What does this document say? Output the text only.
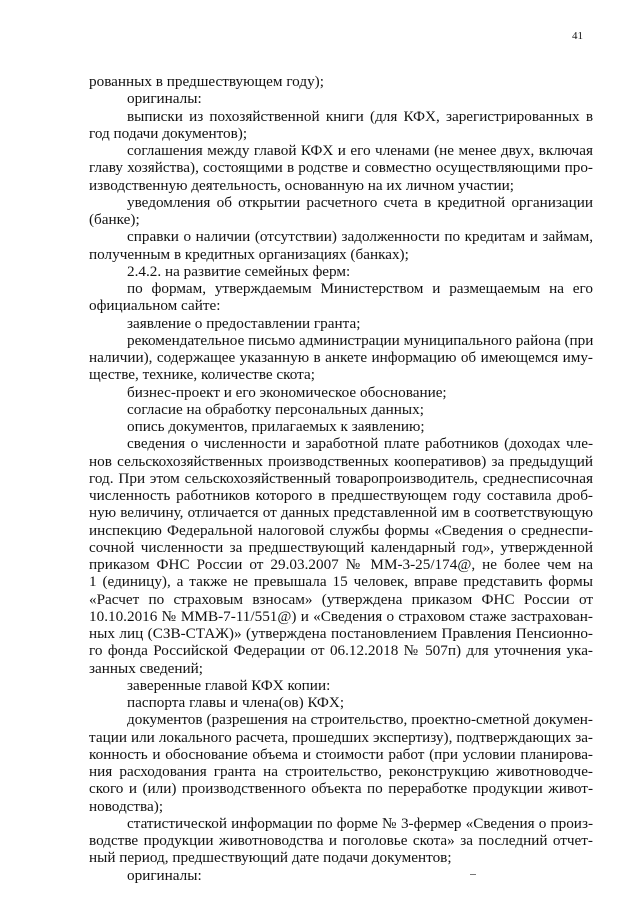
41
рованных в предшествующем году);
оригиналы:
выписки из похозяйственной книги (для КФХ, зарегистрированных в
год подачи документов);
соглашения между главой КФХ и его членами (не менее двух, включая
главу хозяйства), состоящими в родстве и совместно осуществляющими про-
изводственную деятельность, основанную на их личном участии;
уведомления об открытии расчетного счета в кредитной организации
(банке);
справки о наличии (отсутствии) задолженности по кредитам и займам,
полученным в кредитных организациях (банках);
2.4.2. на развитие семейных ферм:
по формам, утверждаемым Министерством и размещаемым на его
официальном сайте:
заявление о предоставлении гранта;
рекомендательное письмо администрации муниципального района (при
наличии), содержащее указанную в анкете информацию об имеющемся иму-
ществе, технике, количестве скота;
бизнес-проект и его экономическое обоснование;
согласие на обработку персональных данных;
опись документов, прилагаемых к заявлению;
сведения о численности и заработной плате работников (доходах чле-
нов сельскохозяйственных производственных кооперативов) за предыдущий
год. При этом сельскохозяйственный товаропроизводитель, среднесписочная
численность работников которого в предшествующем году составила дроб-
ную величину, отличается от данных представленной им в соответствующую
инспекцию Федеральной налоговой службы формы «Сведения о среднеспи-
сочной численности за предшествующий календарный год», утвержденной
приказом ФНС России от 29.03.2007 № ММ-3-25/174@, не более чем на
1 (единицу), а также не превышала 15 человек, вправе представить формы
«Расчет по страховым взносам» (утверждена приказом ФНС России от
10.10.2016 № ММВ-7-11/551@) и «Сведения о страховом стаже застрахован-
ных лиц (СЗВ-СТАЖ)» (утверждена постановлением Правления Пенсионно-
го фонда Российской Федерации от 06.12.2018 № 507п) для уточнения ука-
занных сведений;
заверенные главой КФХ копии:
паспорта главы и члена(ов) КФХ;
документов (разрешения на строительство, проектно-сметной докумен-
тации или локального расчета, прошедших экспертизу), подтверждающих за-
конность и обоснование объема и стоимости работ (при условии планирова-
ния расходования гранта на строительство, реконструкцию животноводче-
ского и (или) производственного объекта по переработке продукции живот-
новодства);
статистической информации по форме № 3-фермер «Сведения о произ-
водстве продукции животноводства и поголовье скота» за последний отчет-
ный период, предшествующий дате подачи документов;
оригиналы:
